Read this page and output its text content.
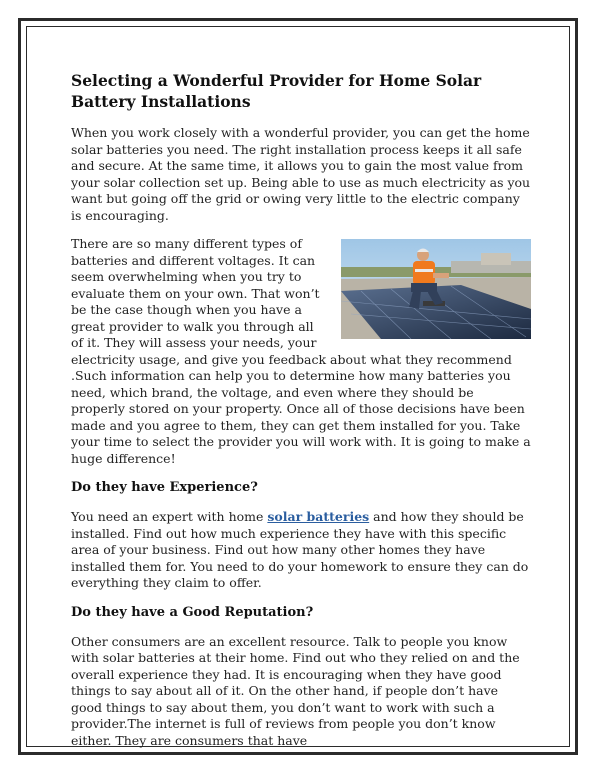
Selecting a Wonderful Provider for Home Solar Battery Installations

When you work closely with a wonderful provider, you can get the home solar batteries you need. The right installation process keeps it all safe and secure. At the same time, it allows you to gain the most value from your solar collection set up. Being able to use as much electricity as you want but going off the grid or owing very little to the electric company is encouraging.

There are so many different types of batteries and different voltages. It can seem overwhelming when you try to evaluate them on your own. That won’t be the case though when you have a great provider to walk you through all of it. They will assess your needs, your electricity usage, and give you feedback about what they recommend .Such information can help you to determine how many batteries you need, which brand, the voltage, and even where they should be properly stored on your property. Once all of those decisions have been made and you agree to them, they can get them installed for you. Take your time to select the provider you will work with. It is going to make a huge difference!

Do they have Experience?

You need an expert with home solar batteries and how they should be installed. Find out how much experience they have with this specific area of your business. Find out how many other homes they have installed them for. You need to do your homework to ensure they can do everything they claim to offer.

Do they have a Good Reputation?

Other consumers are an excellent resource. Talk to people you know with solar batteries at their home. Find out who they relied on and the overall experience they had. It is encouraging when they have good things to say about all of it. On the other hand, if people don’t have good things to say about them, you don’t want to work with such a provider.The internet is full of reviews from people you don’t know either. They are consumers that have
